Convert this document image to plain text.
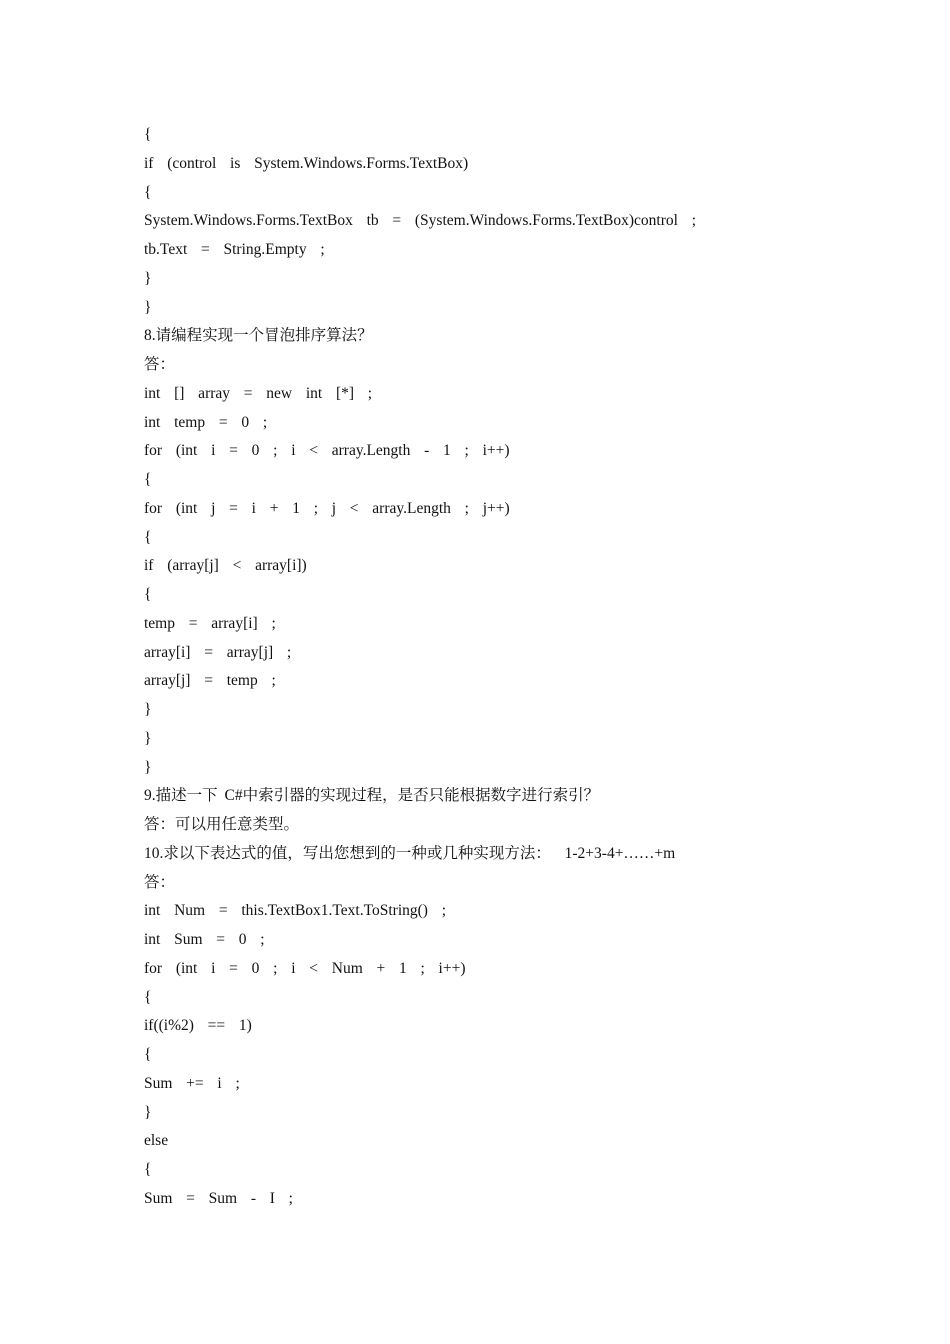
{
if  (control  is  System.Windows.Forms.TextBox)
{
System.Windows.Forms.TextBox  tb  =  (System.Windows.Forms.TextBox)control  ;
tb.Text  =  String.Empty  ;
}
}
8.请编程实现一个冒泡排序算法？
答：
int  []  array  =  new  int  [*]  ;
int  temp  =  0  ;
for  (int  i  =  0  ;  i  <  array.Length  -  1  ;  i++)
{
for  (int  j  =  i  +  1  ;  j  <  array.Length  ;  j++)
{
if  (array[j]  <  array[i])
{
temp  =  array[i]  ;
array[i]  =  array[j]  ;
array[j]  =  temp  ;
}
}
}
9.描述一下 C#中索引器的实现过程，是否只能根据数字进行索引？
答：可以用任意类型。
10.求以下表达式的值，写出您想到的一种或几种实现方法：  1-2+3-4+……+m
答：
int  Num  =  this.TextBox1.Text.ToString()  ;
int  Sum  =  0  ;
for  (int  i  =  0  ;  i  <  Num  +  1  ;  i++)
{
if((i%2)  ==  1)
{
Sum  +=  i  ;
}
else
{
Sum  =  Sum  -  I  ;
